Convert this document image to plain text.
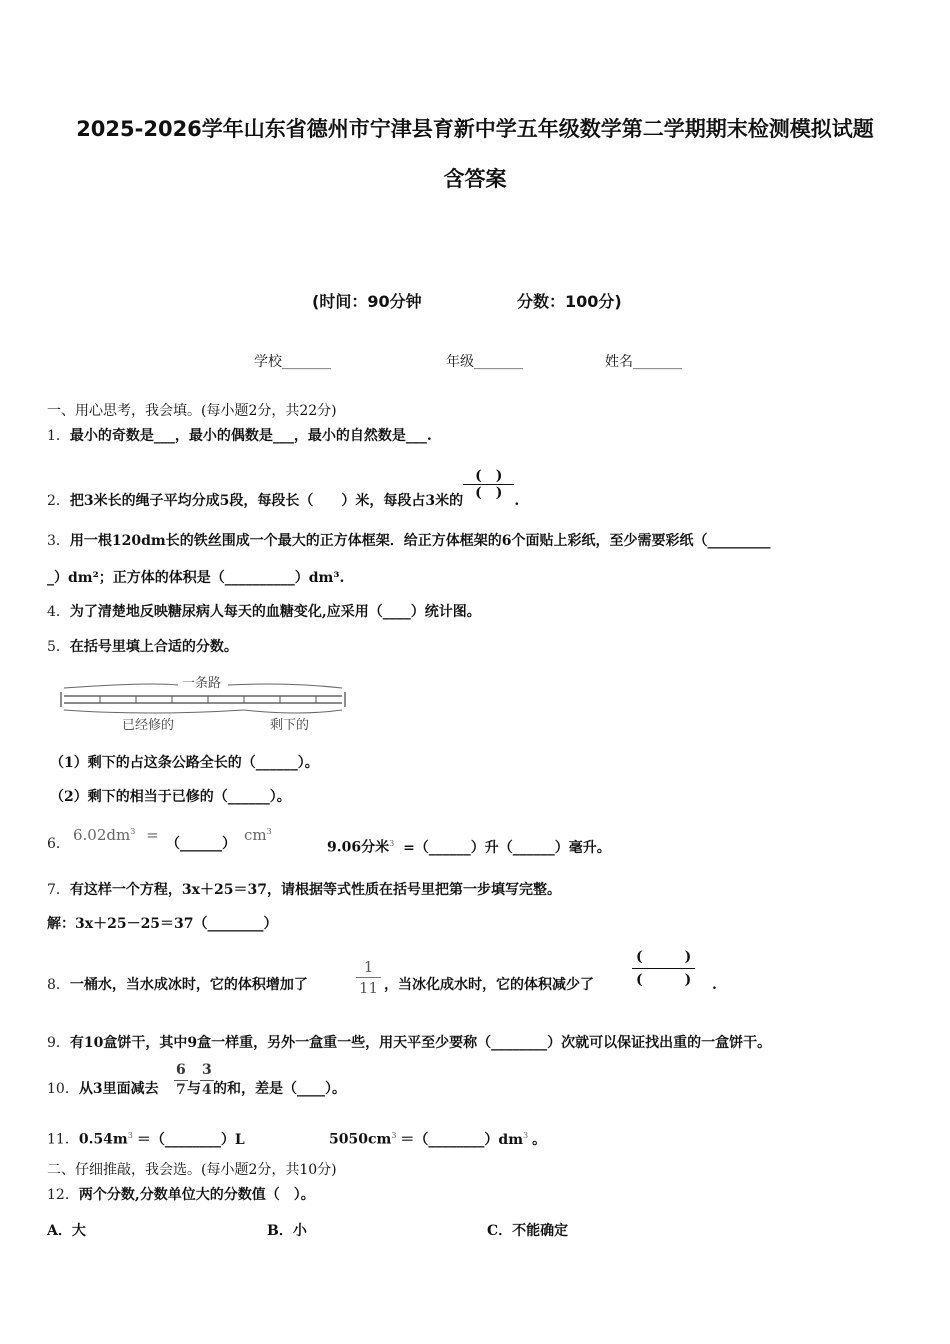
2025-2026学年山东省德州市宁津县育新中学五年级数学第二学期期末检测模拟试题
含答案
(时间：90分钟	分数：100分)
学校_______	年级_______	姓名_______
一、用心思考，我会填。(每小题2分，共22分)
1．最小的奇数是___，最小的偶数是___，最小的自然数是___.
2．把3米长的绳子平均分成5段，每段长（　　）米，每段占3米的 $\frac{( )}{( )}$ .
3．用一根120dm长的铁丝围成一个最大的正方体框架．给正方体框架的6个面贴上彩纸，至少需要彩纸（_________
_）dm²；正方体的体积是（__________）dm³.
4．为了清楚地反映糖尿病人每天的血糖变化,应采用（____）统计图。
5．在括号里填上合适的分数。
一条路
已经修的	剩下的
（1）剩下的占这条公路全长的（______）。
（2）剩下的相当于已修的（______）。
6． $6.02dm^3$ = （______） $cm^3$
9.06分米$^3$ =（______）升（______）毫升。
7．有这样一个方程，3x＋25＝37，请根据等式性质在括号里把第一步填写完整。
解：3x＋25－25＝37（________）
8．一桶水，当水成冰时，它的体积增加了	$\frac{1}{11}$ ，当冰化成水时，它的体积减少了
(　　　)
(　　　) .
9．有10盒饼干，其中9盒一样重，另外一盒重一些，用天平至少要称（________）次就可以保证找出重的一盒饼干。
10．从3里面减去 $\frac{6}{7}$ 与 $\frac{3}{4}$ 的和，差是（____）。
11．$0.54m^3$ ＝（________）L	$5050cm^3$ $=(\_\_\_\_\_\_\_\_)dm^3$ 。
二、仔细推敲，我会选。(每小题2分，共10分)
12．两个分数,分数单位大的分数值（　）。
A．大	B．小	C．不能确定
